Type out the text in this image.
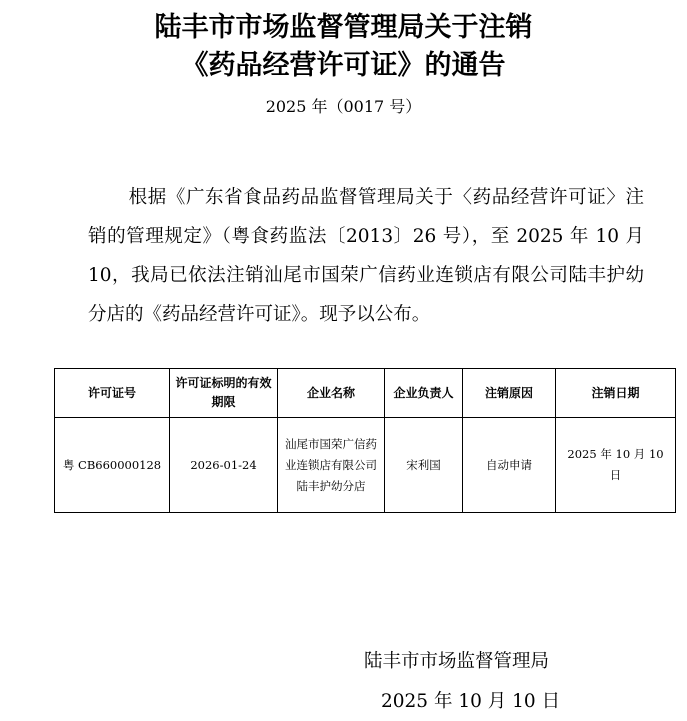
陆丰市市场监督管理局关于注销
《药品经营许可证》的通告
2025 年（0017 号）
根据《广东省食品药品监督管理局关于〈药品经营许可证〉注销的管理规定》（粤食药监法〔2013〕26 号），至 2025 年 10 月 10，我局已依法注销汕尾市国荣广信药业连锁店有限公司陆丰护幼分店的《药品经营许可证》。现予以公布。
许可证号	许可证标明的有效期限	企业名称	企业负责人	注销原因	注销日期
粤 CB660000128	2026-01-24	汕尾市国荣广信药业连锁店有限公司陆丰护幼分店	宋利国	自动申请	2025 年 10 月 10 日
陆丰市市场监督管理局
2025 年 10 月 10 日
